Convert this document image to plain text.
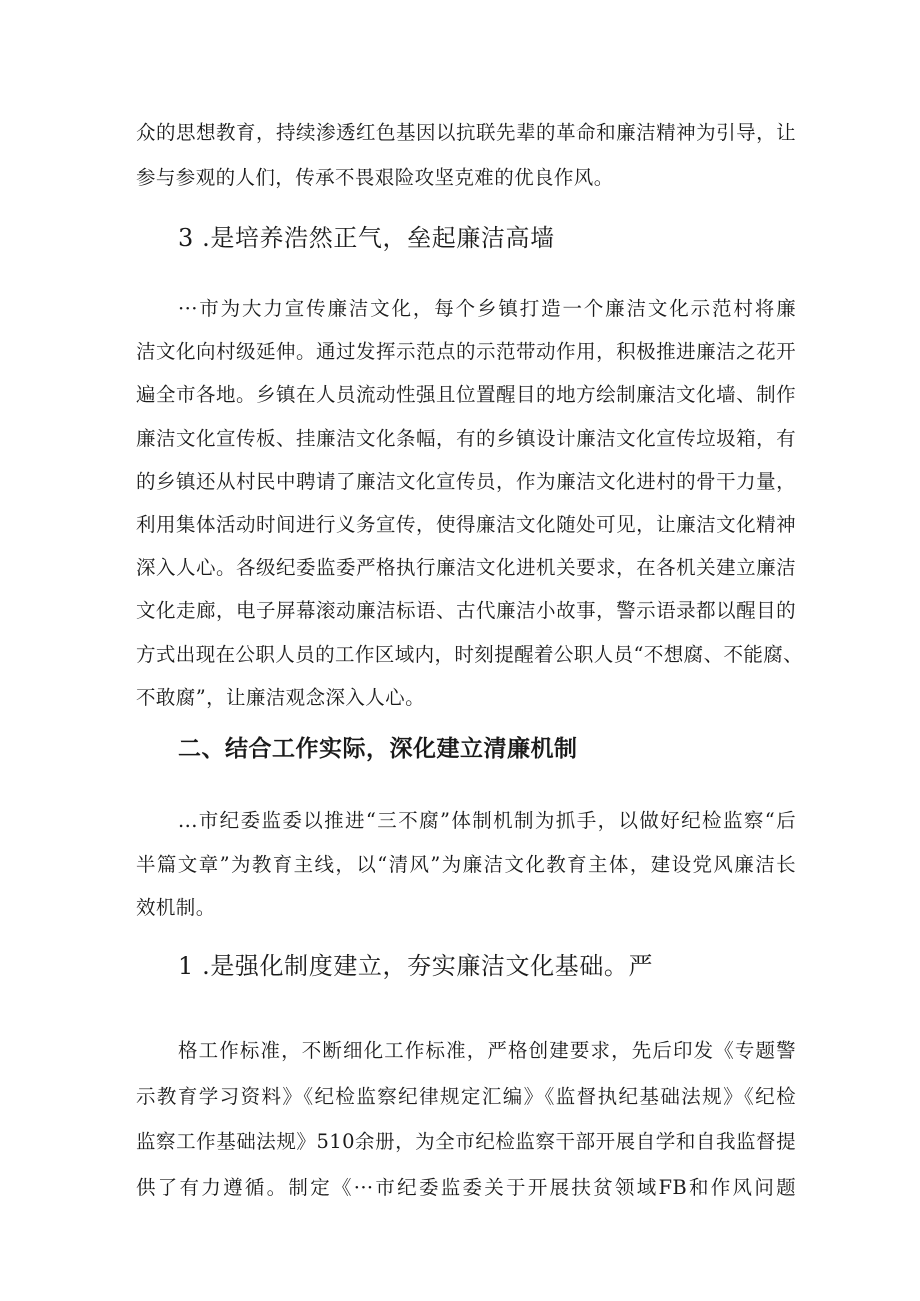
众的思想教育，持续渗透红色基因以抗联先辈的革命和廉洁精神为引导，让
参与参观的人们，传承不畏艰险攻坚克难的优良作风。
3 .是培养浩然正气，垒起廉洁高墙
···市为大力宣传廉洁文化，每个乡镇打造一个廉洁文化示范村将廉
洁文化向村级延伸。通过发挥示范点的示范带动作用，积极推进廉洁之花开
遍全市各地。乡镇在人员流动性强且位置醒目的地方绘制廉洁文化墙、制作
廉洁文化宣传板、挂廉洁文化条幅，有的乡镇设计廉洁文化宣传垃圾箱，有
的乡镇还从村民中聘请了廉洁文化宣传员，作为廉洁文化进村的骨干力量，
利用集体活动时间进行义务宣传，使得廉洁文化随处可见，让廉洁文化精神
深入人心。各级纪委监委严格执行廉洁文化进机关要求，在各机关建立廉洁
文化走廊，电子屏幕滚动廉洁标语、古代廉洁小故事，警示语录都以醒目的
方式出现在公职人员的工作区域内，时刻提醒着公职人员“不想腐、不能腐、
不敢腐”，让廉洁观念深入人心。
二、结合工作实际，深化建立清廉机制
...市纪委监委以推进“三不腐”体制机制为抓手，以做好纪检监察“后
半篇文章”为教育主线，以“清风”为廉洁文化教育主体，建设党风廉洁长
效机制。
1 .是强化制度建立，夯实廉洁文化基础。严
格工作标准，不断细化工作标准，严格创建要求，先后印发《专题警
示教育学习资料》《纪检监察纪律规定汇编》《监督执纪基础法规》《纪检
监察工作基础法规》510余册，为全市纪检监察干部开展自学和自我监督提
供了有力遵循。制定《···市纪委监委关于开展扶贫领域FB和作风问题
